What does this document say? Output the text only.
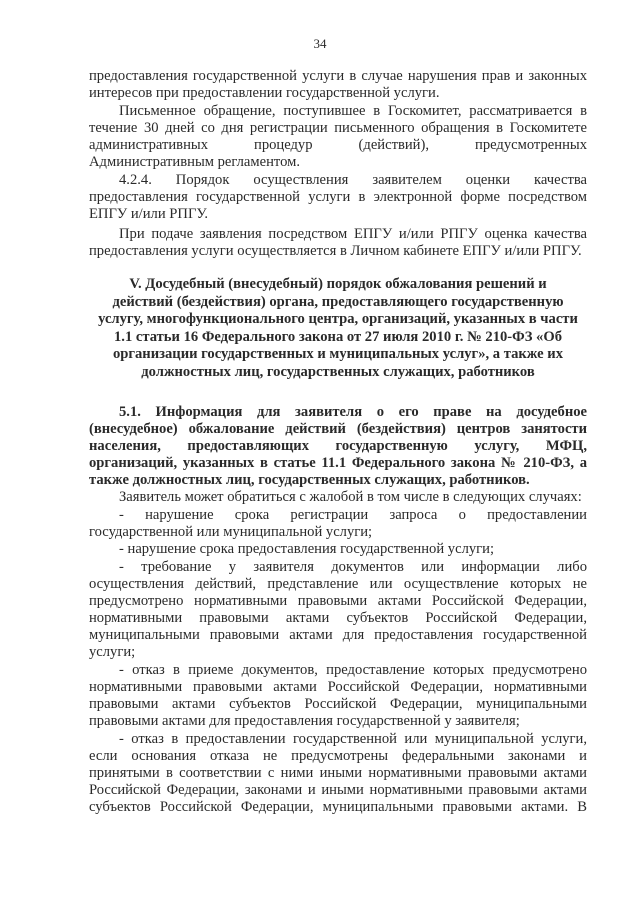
34
предоставления государственной услуги в случае нарушения прав и законных
интересов при предоставлении государственной услуги.
Письменное обращение, поступившее в Госкомитет, рассматривается в
течение 30 дней со дня регистрации письменного обращения в Госкомитете
административных процедур (действий), предусмотренных
Административным регламентом.
4.2.4. Порядок осуществления заявителем оценки качества
предоставления государственной услуги в электронной форме посредством
ЕПГУ и/или РПГУ.
При подаче заявления посредством ЕПГУ и/или РПГУ оценка качества
предоставления услуги осуществляется в Личном кабинете ЕПГУ и/или РПГУ.
V. Досудебный (внесудебный) порядок обжалования решений и
действий (бездействия) органа, предоставляющего государственную
услугу, многофункционального центра, организаций, указанных в части
1.1 статьи 16 Федерального закона от 27 июля 2010 г. № 210-ФЗ «Об
организации государственных и муниципальных услуг», а также их
должностных лиц, государственных служащих, работников
5.1. Информация для заявителя о его праве на досудебное
(внесудебное) обжалование действий (бездействия) центров занятости
населения, предоставляющих государственную услугу, МФЦ,
организаций, указанных в статье 11.1 Федерального закона № 210-ФЗ, а
также должностных лиц, государственных служащих, работников.
Заявитель может обратиться с жалобой в том числе в следующих случаях:
- нарушение срока регистрации запроса о предоставлении
государственной или муниципальной услуги;
- нарушение срока предоставления государственной услуги;
- требование у заявителя документов или информации либо
осуществления действий, представление или осуществление которых не
предусмотрено нормативными правовыми актами Российской Федерации,
нормативными правовыми актами субъектов Российской Федерации,
муниципальными правовыми актами для предоставления государственной
услуги;
- отказ в приеме документов, предоставление которых предусмотрено
нормативными правовыми актами Российской Федерации, нормативными
правовыми актами субъектов Российской Федерации, муниципальными
правовыми актами для предоставления государственной у заявителя;
- отказ в предоставлении государственной или муниципальной услуги,
если основания отказа не предусмотрены федеральными законами и
принятыми в соответствии с ними иными нормативными правовыми актами
Российской Федерации, законами и иными нормативными правовыми актами
субъектов Российской Федерации, муниципальными правовыми актами. В
